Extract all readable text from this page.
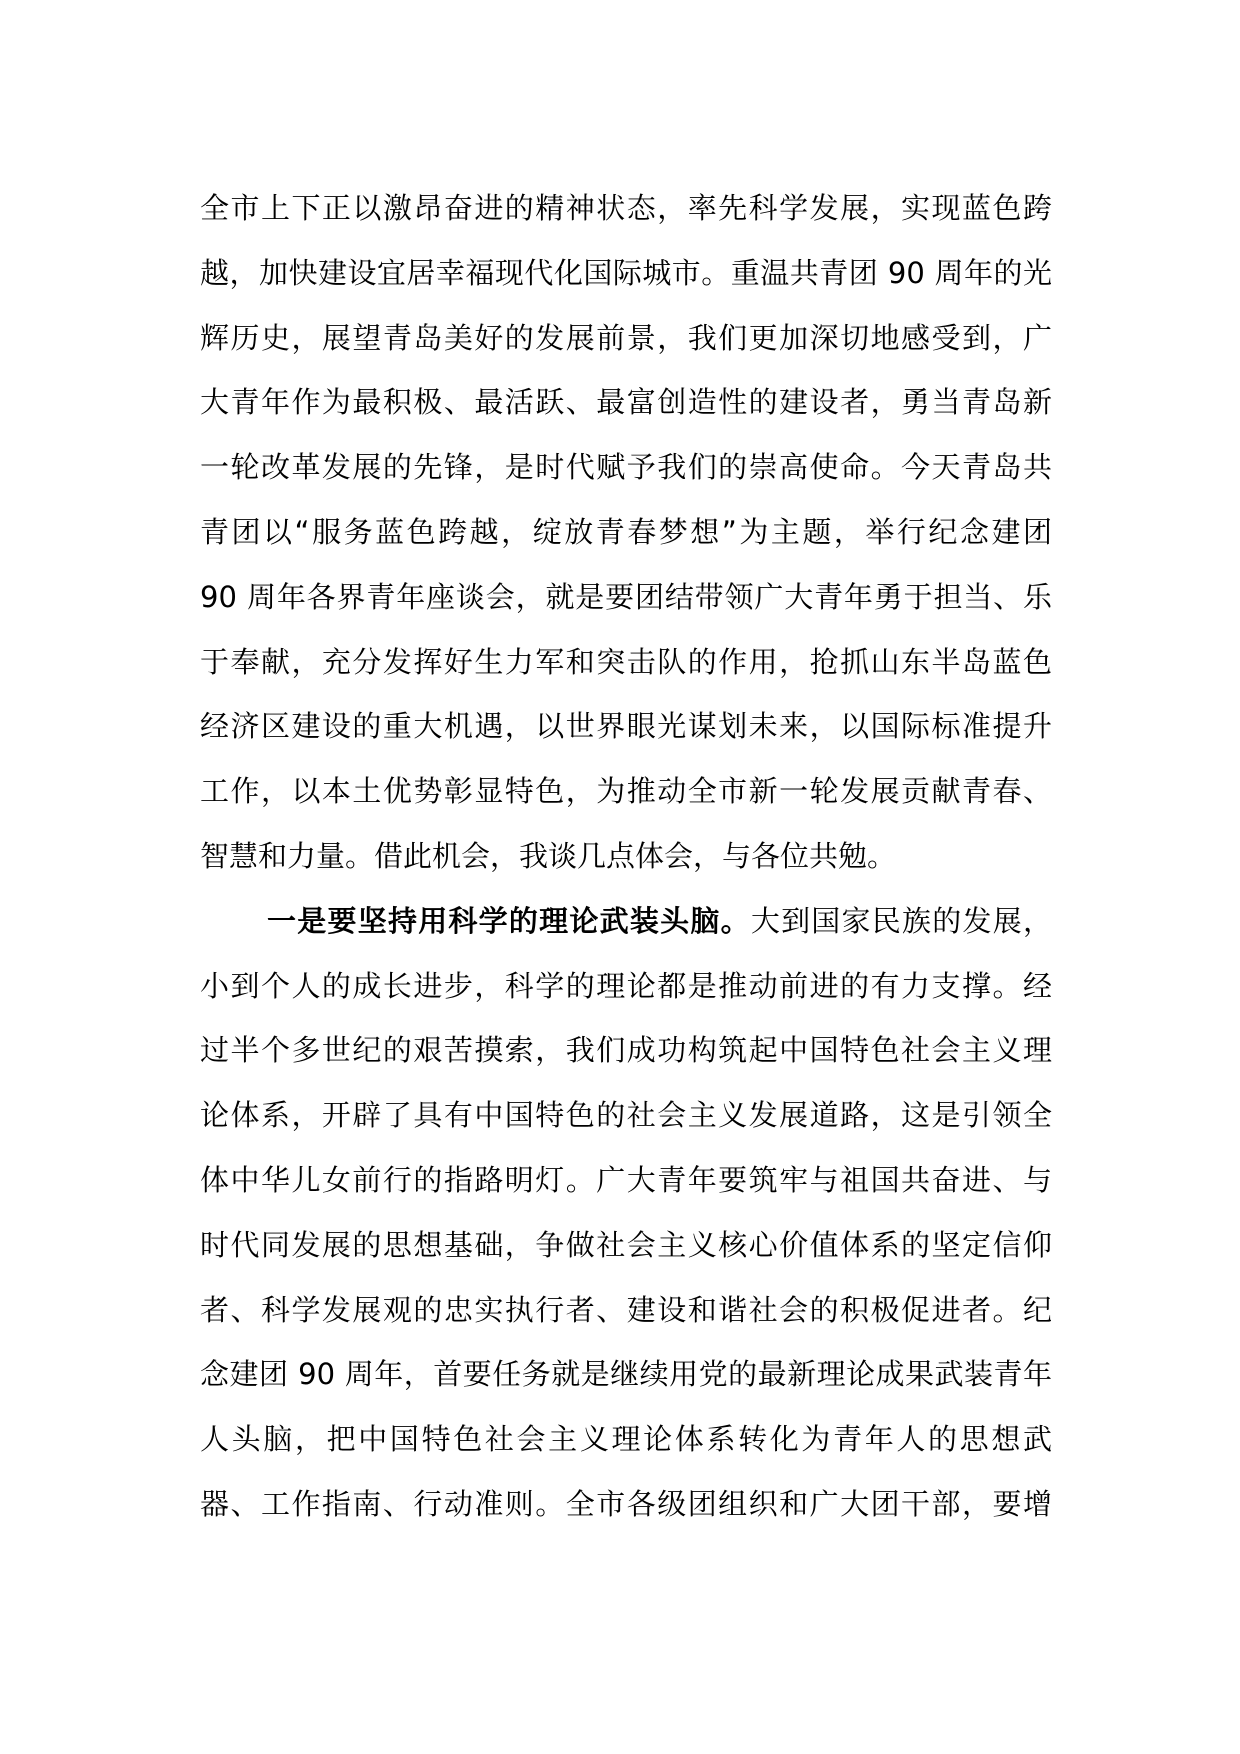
全市上下正以激昂奋进的精神状态，率先科学发展，实现蓝色跨
越，加快建设宜居幸福现代化国际城市。重温共青团 90 周年的光
辉历史，展望青岛美好的发展前景，我们更加深切地感受到，广
大青年作为最积极、最活跃、最富创造性的建设者，勇当青岛新
一轮改革发展的先锋，是时代赋予我们的崇高使命。今天青岛共
青团以“服务蓝色跨越，绽放青春梦想”为主题，举行纪念建团
90 周年各界青年座谈会，就是要团结带领广大青年勇于担当、乐
于奉献，充分发挥好生力军和突击队的作用，抢抓山东半岛蓝色
经济区建设的重大机遇，以世界眼光谋划未来，以国际标准提升
工作，以本土优势彰显特色，为推动全市新一轮发展贡献青春、
智慧和力量。借此机会，我谈几点体会，与各位共勉。
一是要坚持用科学的理论武装头脑。大到国家民族的发展，
小到个人的成长进步，科学的理论都是推动前进的有力支撑。经
过半个多世纪的艰苦摸索，我们成功构筑起中国特色社会主义理
论体系，开辟了具有中国特色的社会主义发展道路，这是引领全
体中华儿女前行的指路明灯。广大青年要筑牢与祖国共奋进、与
时代同发展的思想基础，争做社会主义核心价值体系的坚定信仰
者、科学发展观的忠实执行者、建设和谐社会的积极促进者。纪
念建团 90 周年，首要任务就是继续用党的最新理论成果武装青年
人头脑，把中国特色社会主义理论体系转化为青年人的思想武
器、工作指南、行动准则。全市各级团组织和广大团干部，要增
